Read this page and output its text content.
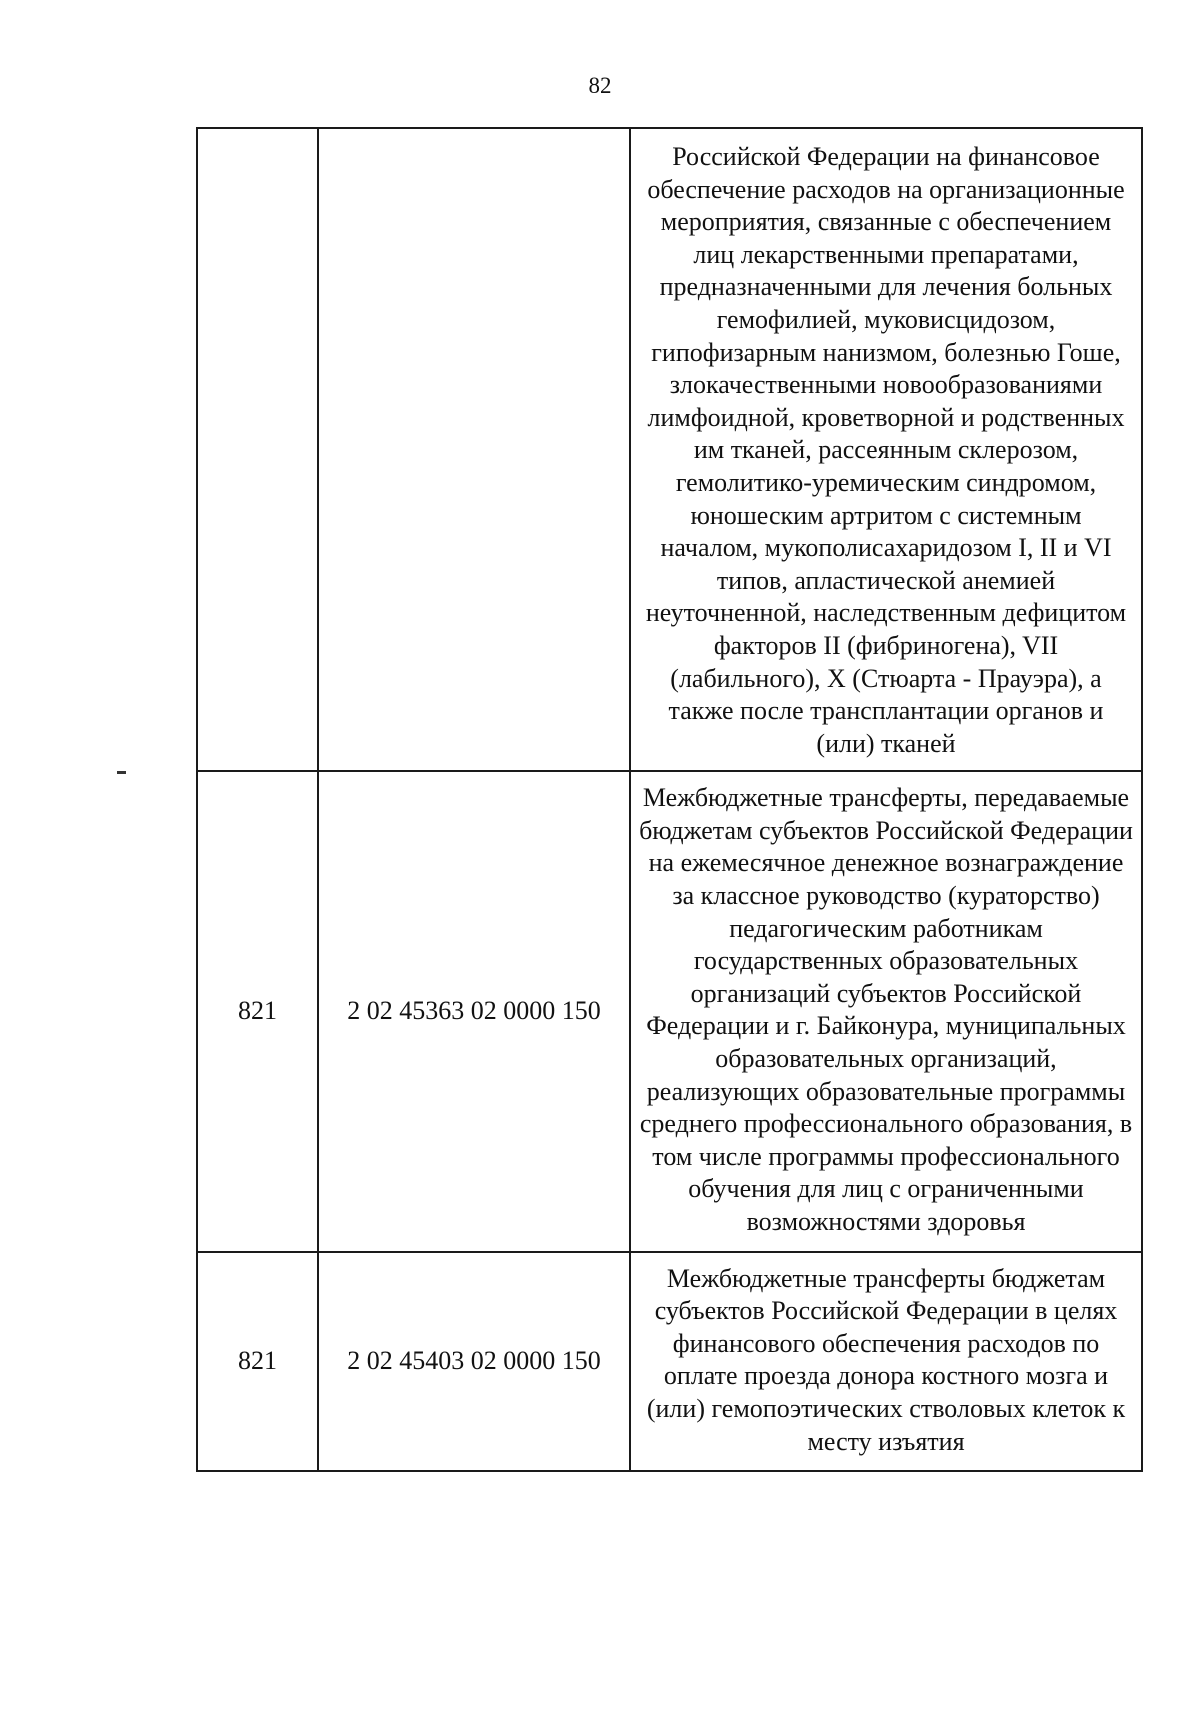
82
		Российской Федерации на финансовое обеспечение расходов на организационные мероприятия, связанные с обеспечением лиц лекарственными препаратами, предназначенными для лечения больных гемофилией, муковисцидозом, гипофизарным нанизмом, болезнью Гоше, злокачественными новообразованиями лимфоидной, кроветворной и родственных им тканей, рассеянным склерозом, гемолитико-уремическим синдромом, юношеским артритом с системным началом, мукополисахаридозом I, II и VI типов, апластической анемией неуточненной, наследственным дефицитом факторов II (фибриногена), VII (лабильного), X (Стюарта - Прауэра), а также после трансплантации органов и (или) тканей
821	2 02 45363 02 0000 150	Межбюджетные трансферты, передаваемые бюджетам субъектов Российской Федерации на ежемесячное денежное вознаграждение за классное руководство (кураторство) педагогическим работникам государственных образовательных организаций субъектов Российской Федерации и г. Байконура, муниципальных образовательных организаций, реализующих образовательные программы среднего профессионального образования, в том числе программы профессионального обучения для лиц с ограниченными возможностями здоровья
821	2 02 45403 02 0000 150	Межбюджетные трансферты бюджетам субъектов Российской Федерации в целях финансового обеспечения расходов по оплате проезда донора костного мозга и (или) гемопоэтических стволовых клеток к месту изъятия
